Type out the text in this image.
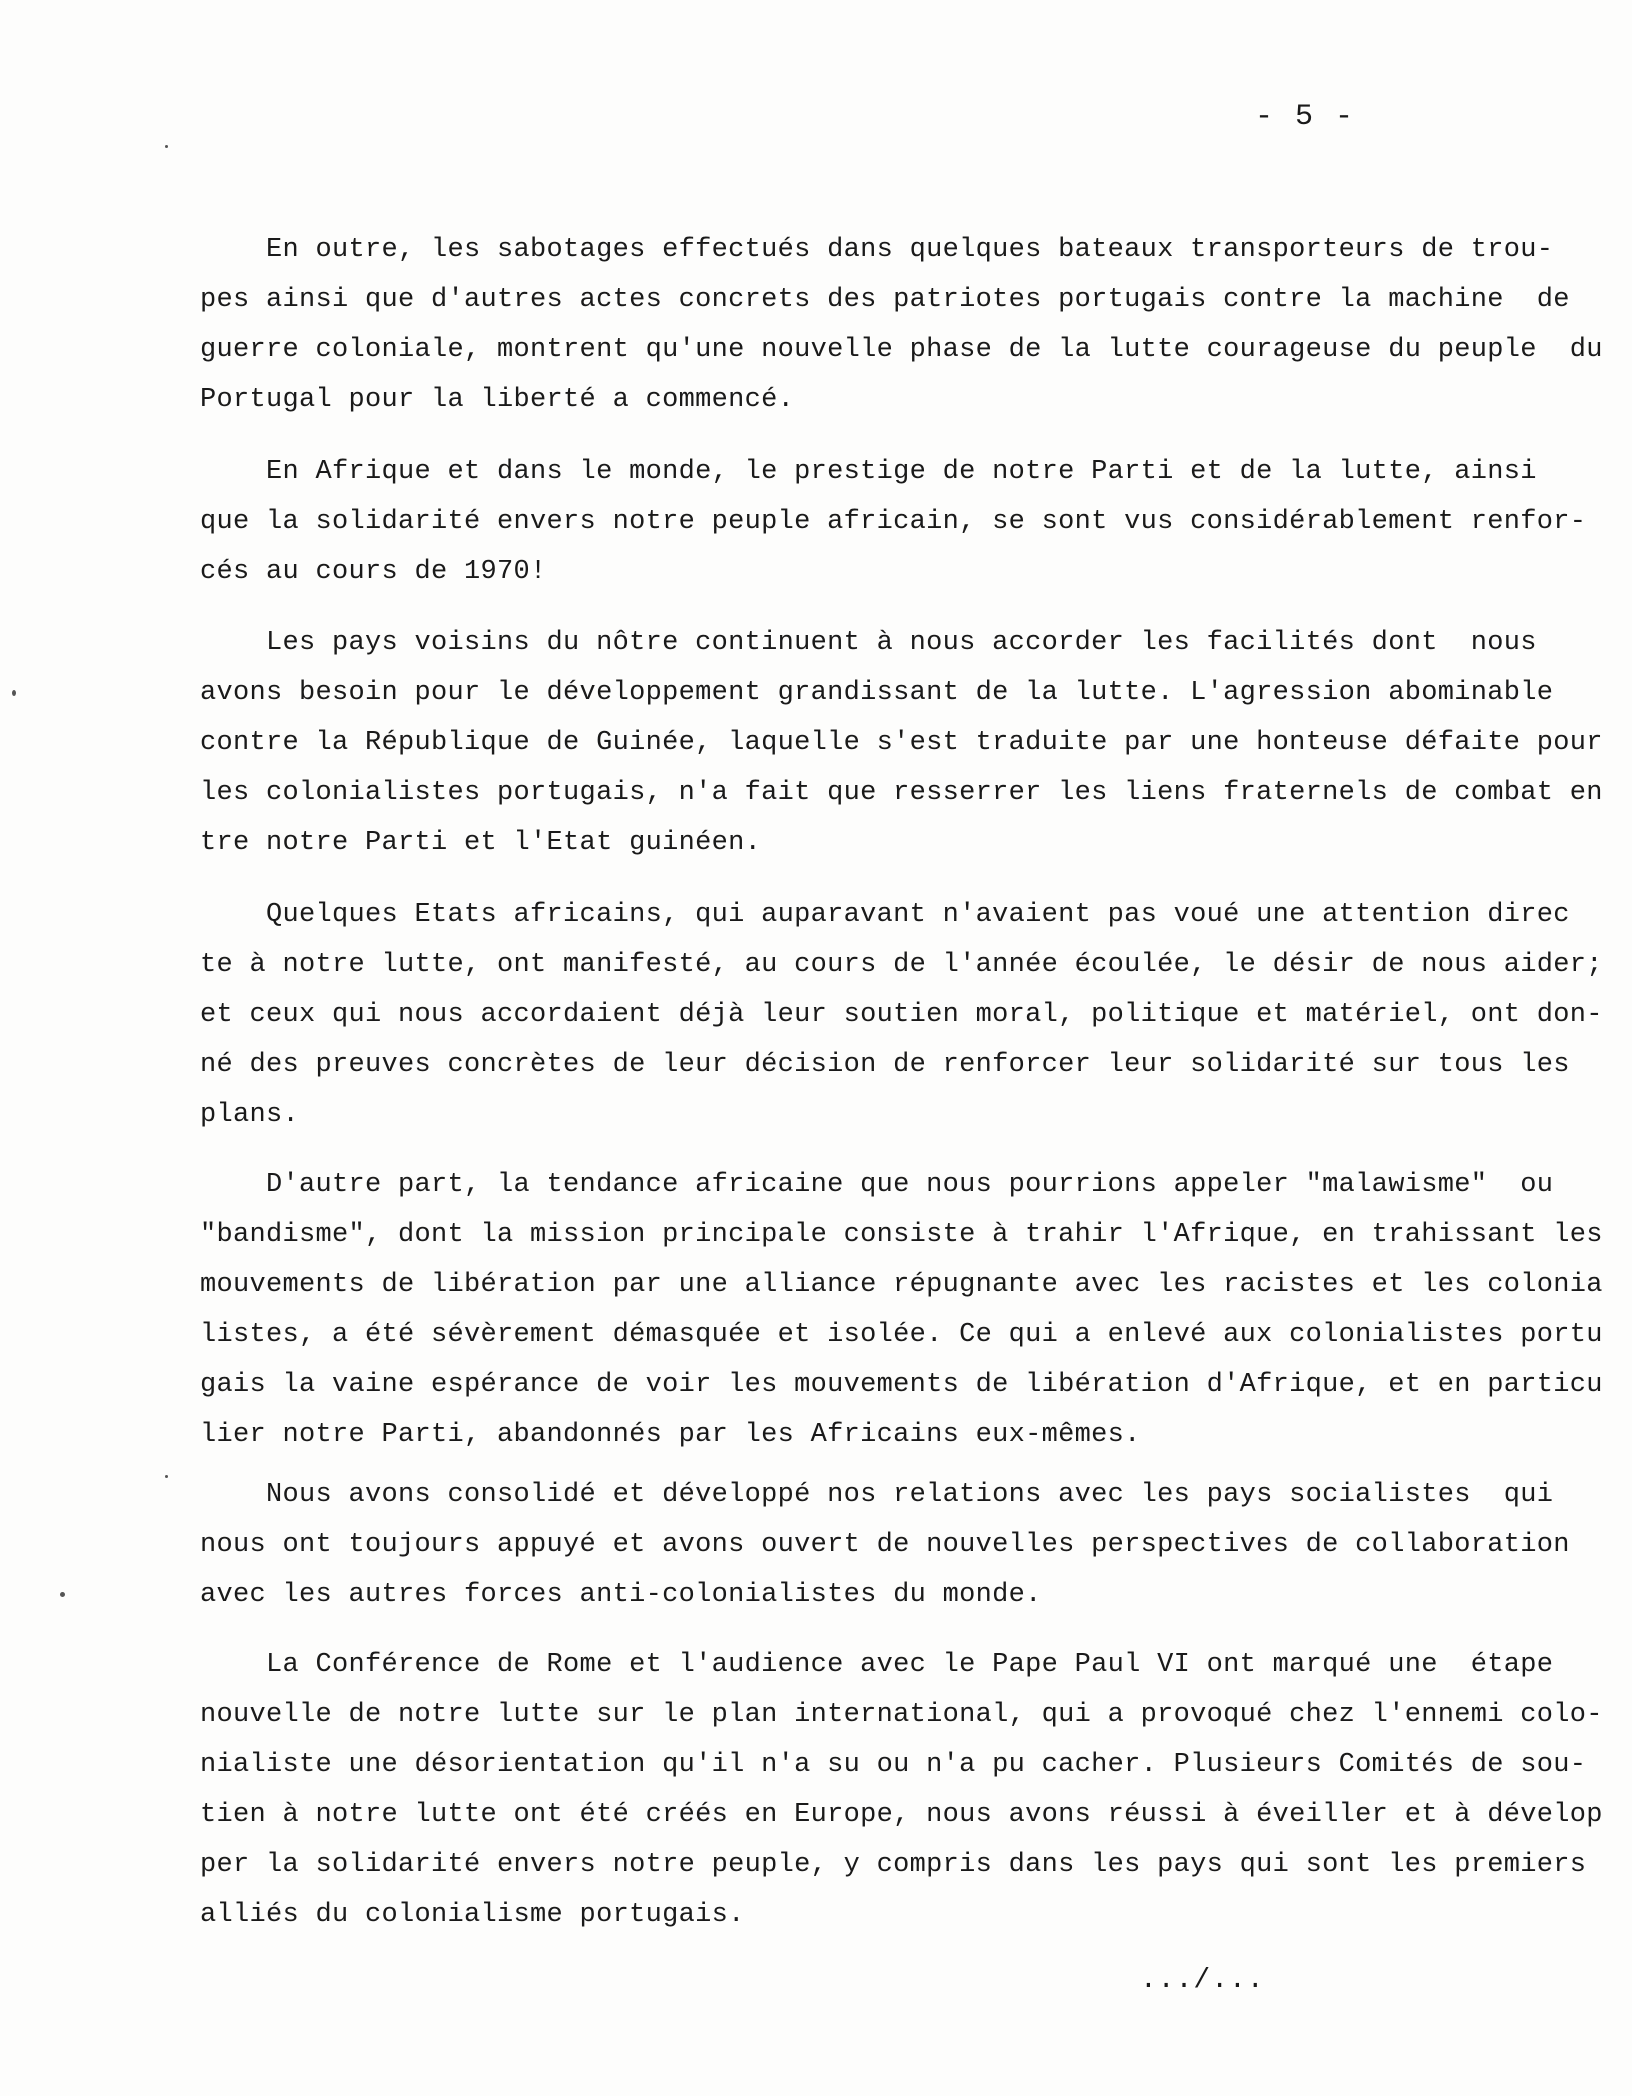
- 5 -
En outre, les sabotages effectués dans quelques bateaux transporteurs de trou-
pes ainsi que d'autres actes concrets des patriotes portugais contre la machine  de
guerre coloniale, montrent qu'une nouvelle phase de la lutte courageuse du peuple  du
Portugal pour la liberté a commencé.
En Afrique et dans le monde, le prestige de notre Parti et de la lutte, ainsi
que la solidarité envers notre peuple africain, se sont vus considérablement renfor-
cés au cours de 1970!
Les pays voisins du nôtre continuent à nous accorder les facilités dont  nous
avons besoin pour le développement grandissant de la lutte. L'agression abominable
contre la République de Guinée, laquelle s'est traduite par une honteuse défaite pour
les colonialistes portugais, n'a fait que resserrer les liens fraternels de combat en
tre notre Parti et l'Etat guinéen.
Quelques Etats africains, qui auparavant n'avaient pas voué une attention direc
te à notre lutte, ont manifesté, au cours de l'année écoulée, le désir de nous aider;
et ceux qui nous accordaient déjà leur soutien moral, politique et matériel, ont don-
né des preuves concrètes de leur décision de renforcer leur solidarité sur tous les
plans.
D'autre part, la tendance africaine que nous pourrions appeler "malawisme"  ou
"bandisme", dont la mission principale consiste à trahir l'Afrique, en trahissant les
mouvements de libération par une alliance répugnante avec les racistes et les colonia
listes, a été sévèrement démasquée et isolée. Ce qui a enlevé aux colonialistes portu
gais la vaine espérance de voir les mouvements de libération d'Afrique, et en particu
lier notre Parti, abandonnés par les Africains eux-mêmes.
Nous avons consolidé et développé nos relations avec les pays socialistes  qui
nous ont toujours appuyé et avons ouvert de nouvelles perspectives de collaboration
avec les autres forces anti-colonialistes du monde.
La Conférence de Rome et l'audience avec le Pape Paul VI ont marqué une  étape
nouvelle de notre lutte sur le plan international, qui a provoqué chez l'ennemi colo-
nialiste une désorientation qu'il n'a su ou n'a pu cacher. Plusieurs Comités de sou-
tien à notre lutte ont été créés en Europe, nous avons réussi à éveiller et à dévelop
per la solidarité envers notre peuple, y compris dans les pays qui sont les premiers
alliés du colonialisme portugais.
.../...
